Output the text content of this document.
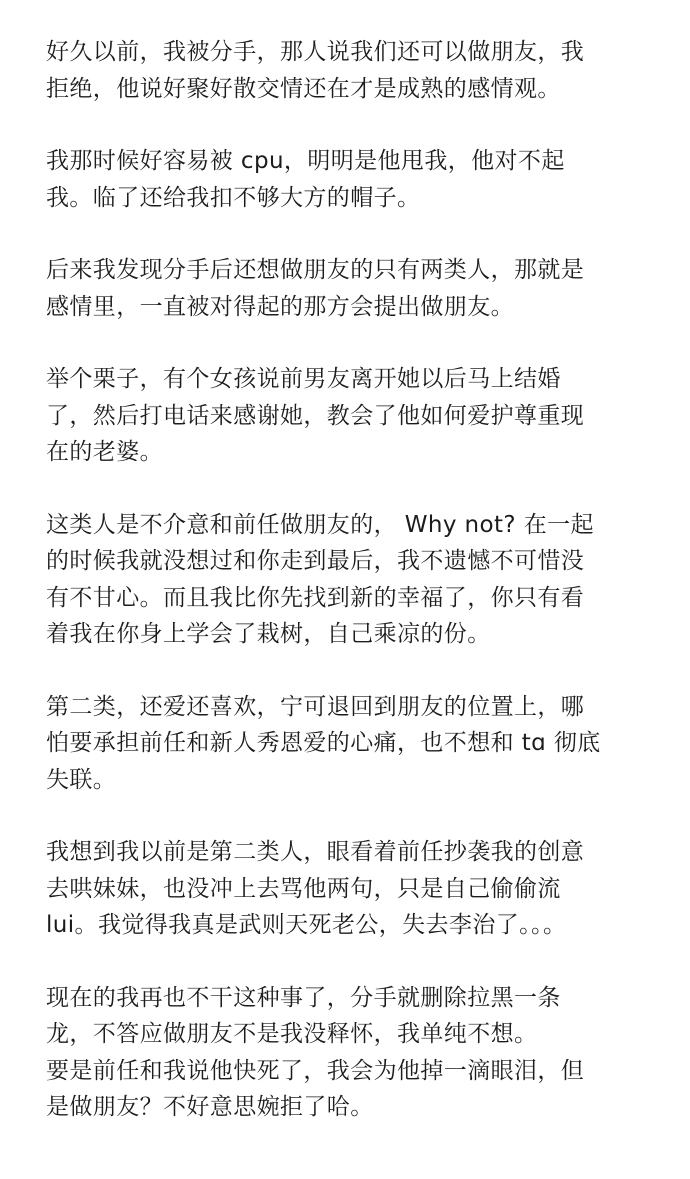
好久以前，我被分手，那人说我们还可以做朋友，我
拒绝，他说好聚好散交情还在才是成熟的感情观。

我那时候好容易被 cpu，明明是他甩我，他对不起
我。临了还给我扣不够大方的帽子。

后来我发现分手后还想做朋友的只有两类人，那就是
感情里，一直被对得起的那方会提出做朋友。

举个栗子，有个女孩说前男友离开她以后马上结婚
了，然后打电话来感谢她，教会了他如何爱护尊重现
在的老婆。

这类人是不介意和前任做朋友的， Why not? 在一起
的时候我就没想过和你走到最后，我不遗憾不可惜没
有不甘心。而且我比你先找到新的幸福了，你只有看
着我在你身上学会了栽树，自己乘凉的份。

第二类，还爱还喜欢，宁可退回到朋友的位置上，哪
怕要承担前任和新人秀恩爱的心痛，也不想和 tɑ 彻底
失联。

我想到我以前是第二类人，眼看着前任抄袭我的创意
去哄妹妹，也没冲上去骂他两句，只是自己偷偷流
lui。我觉得我真是武则天死老公，失去李治了。。。

现在的我再也不干这种事了，分手就删除拉黑一条
龙，不答应做朋友不是我没释怀，我单纯不想。
要是前任和我说他快死了，我会为他掉一滴眼泪，但
是做朋友？不好意思婉拒了哈。
